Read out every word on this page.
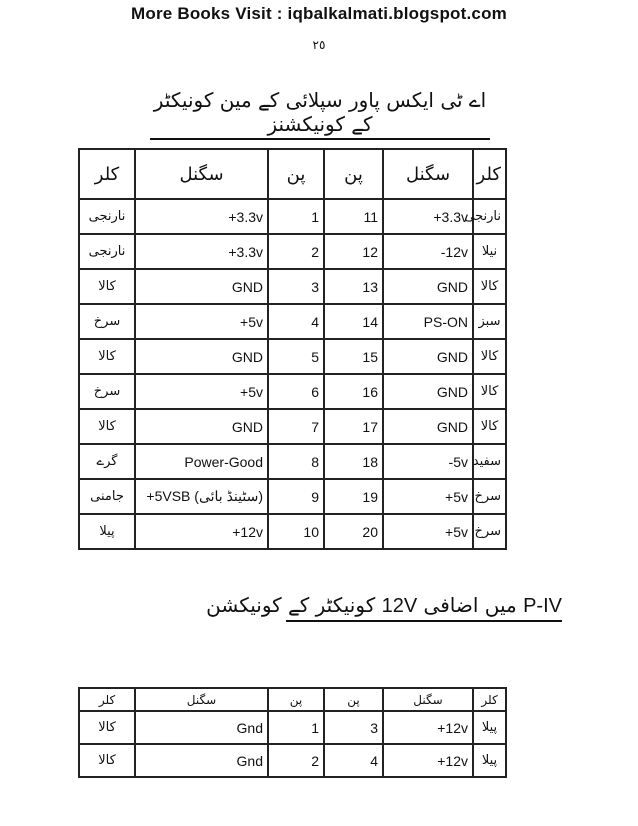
More Books Visit : iqbalkalmati.blogspot.com
٢٥
اے ٹی ایکس پاور سپلائی کے مین کونیکٹر کے کونیکشنز
کلر	سگنل	پن	پن	سگنل	کلر
نارنجی	+3.3v	1	11	+3.3v	نارنجی
نارنجی	+3.3v	2	12	-12v	نیلا
کالا	GND	3	13	GND	کالا
سرخ	+5v	4	14	PS-ON	سبز
کالا	GND	5	15	GND	کالا
سرخ	+5v	6	16	GND	کالا
کالا	GND	7	17	GND	کالا
گرے	Power-Good	8	18	-5v	سفید
جامنی	+5VSB (سٹینڈ بائی)	9	19	+5v	سرخ
پیلا	+12v	10	20	+5v	سرخ
P-IV میں اضافی 12V کونیکٹر کے کونیکشن
کلر	سگنل	پن	پن	سگنل	کلر
کالا	Gnd	1	3	+12v	پیلا
کالا	Gnd	2	4	+12v	پیلا
